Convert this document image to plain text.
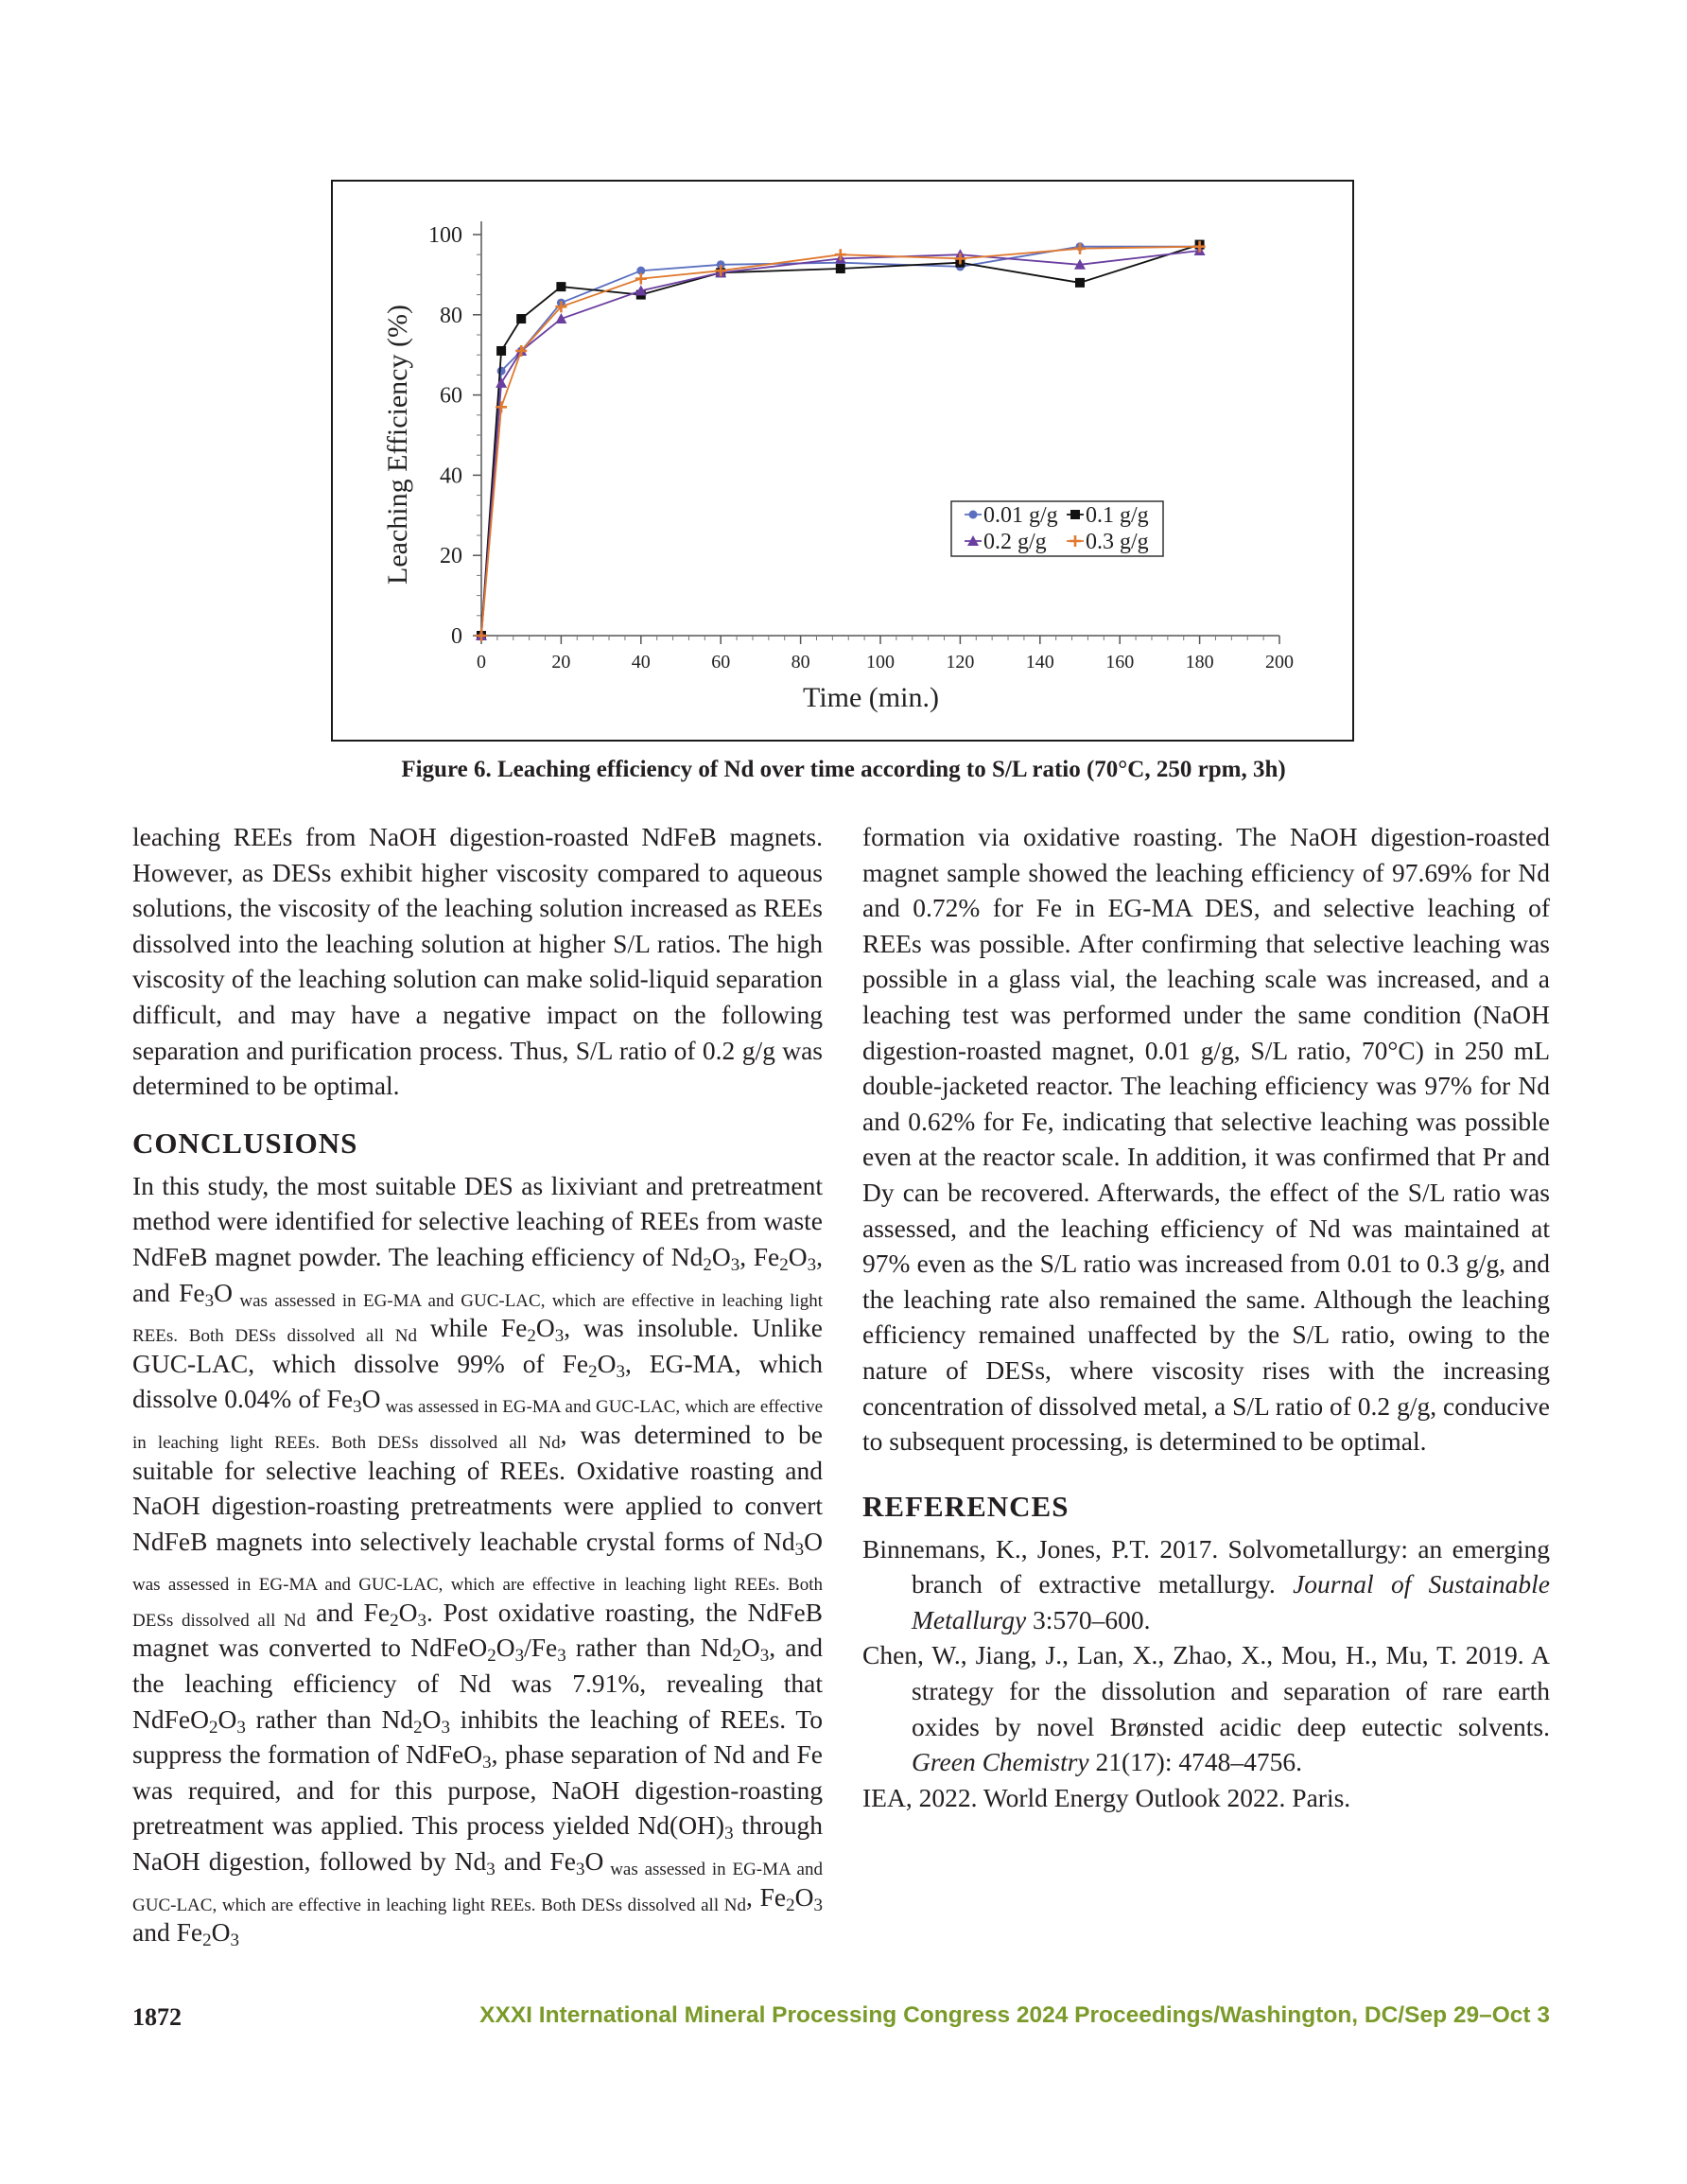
0	20	40	60	80	100	120	140	160	180	200
0
20
40
60
80
100
Time (min.)
Leaching Efficiency (%)	0.01 g/g 0.1 g/g
0.2 g/g 0.3 g/g
Figure 6. Leaching efficiency of Nd over time according to S/L ratio (70°C, 250 rpm, 3h)

leaching REEs from NaOH digestion-roasted NdFeB magnets. However, as DESs exhibit higher viscosity compared to aqueous solutions, the viscosity of the leaching solution increased as REEs dissolved into the leaching solution at higher S/L ratios. The high viscosity of the leaching solution can make solid-liquid separation difficult, and may have a negative impact on the following separation and purification process. Thus, S/L ratio of 0.2 g/g was determined to be optimal.

CONCLUSIONS

In this study, the most suitable DES as lixiviant and pretreatment method were identified for selective leaching of REEs from waste NdFeB magnet powder. The leaching efficiency of $Nd_2O_3$, $Fe_2O_3$, and $Fe_3O$ $_{was assessed in EG-MA and GUC-LAC, which are effective in leaching light REEs. Both DESs dissolved all Nd}$ while $Fe_2O_3$, was insoluble. Unlike GUC-LAC, which dissolve 99% of $Fe_2O_3$, EG-MA, which dissolve 0.04% of $Fe_3O$ $_{was assessed in EG-MA and GUC-LAC, which are effective in leaching light REEs. Both DESs dissolved all Nd}$, was determined to be suitable for selective leaching of REEs. Oxidative roasting and NaOH digestion-roasting pretreatments were applied to convert NdFeB magnets into selectively leachable crystal forms of $Nd_3O$ $_{was assessed in EG-MA and GUC-LAC, which are effective in leaching light REEs. Both DESs dissolved all Nd}$ and $Fe_2O_3$. Post oxidative roasting, the NdFeB magnet was converted to $NdFeO_2O_3/Fe_3$ rather than $Nd_2O_3$, and the leaching efficiency of Nd was 7.91%, revealing that $NdFeO_2O_3$ rather than $Nd_2O_3$ inhibits the leaching of REEs. To suppress the formation of NdFeO$_3$, phase separation of Nd and Fe was required, and for this purpose, NaOH digestion-roasting pretreatment was applied. This process yielded $Nd(OH)_3$ through NaOH digestion, followed by $Nd_3$ and $Fe_3O$ $_{was assessed in EG-MA and GUC-LAC, which are effective in leaching light REEs. Both DESs dissolved all Nd}$, $Fe_2O_3$ and $Fe_2O_3$

formation via oxidative roasting. The NaOH digestion-roasted magnet sample showed the leaching efficiency of 97.69% for Nd and 0.72% for Fe in EG-MA DES, and selective leaching of REEs was possible. After confirming that selective leaching was possible in a glass vial, the leaching scale was increased, and a leaching test was performed under the same condition (NaOH digestion-roasted magnet, 0.01 g/g, S/L ratio, 70°C) in 250 mL double-jacketed reactor. The leaching efficiency was 97% for Nd and 0.62% for Fe, indicating that selective leaching was possible even at the reactor scale. In addition, it was confirmed that Pr and Dy can be recovered. Afterwards, the effect of the S/L ratio was assessed, and the leaching efficiency of Nd was maintained at 97% even as the S/L ratio was increased from 0.01 to 0.3 g/g, and the leaching rate also remained the same. Although the leaching efficiency remained unaffected by the S/L ratio, owing to the nature of DESs, where viscosity rises with the increasing concentration of dissolved metal, a S/L ratio of 0.2 g/g, conducive to subsequent processing, is determined to be optimal.

REFERENCES

Binnemans, K., Jones, P.T. 2017. Solvometallurgy: an emerging branch of extractive metallurgy. Journal of Sustainable Metallurgy 3:570–600.

Chen, W., Jiang, J., Lan, X., Zhao, X., Mou, H., Mu, T. 2019. A strategy for the dissolution and separation of rare earth oxides by novel Brønsted acidic deep eutectic solvents. Green Chemistry 21(17): 4748–4756.

IEA, 2022. World Energy Outlook 2022. Paris.

1872	XXXI International Mineral Processing Congress 2024 Proceedings/Washington, DC/Sep 29–Oct 3
